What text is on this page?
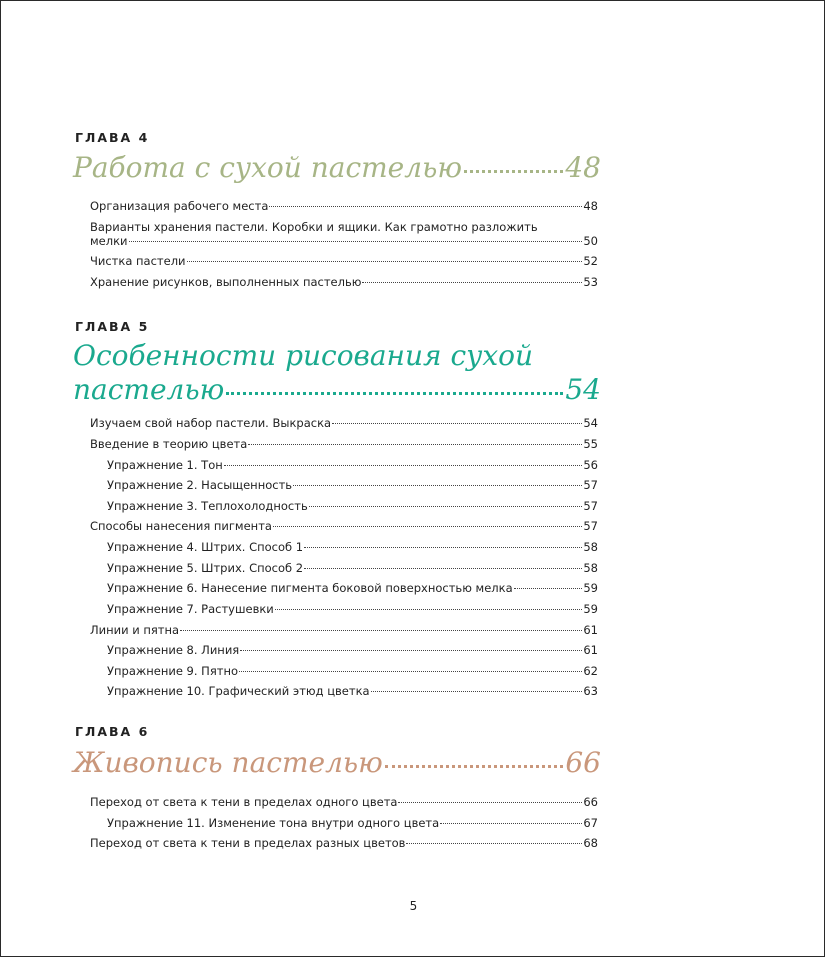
ГЛАВА 4
Работа с сухой пастелью	48
Организация рабочего места	48
Варианты хранения пастели. Коробки и ящики. Как грамотно разложить
мелки	50
Чистка пастели	52
Хранение рисунков, выполненных пастелью	53
ГЛАВА 5
Особенности рисования сухой
пастелью	54
Изучаем свой набор пастели. Выкраска	54
Введение в теорию цвета	55
Упражнение 1. Тон	56
Упражнение 2. Насыщенность	57
Упражнение 3. Теплохолодность	57
Способы нанесения пигмента	57
Упражнение 4. Штрих. Способ 1	58
Упражнение 5. Штрих. Способ 2	58
Упражнение 6. Нанесение пигмента боковой поверхностью мелка	59
Упражнение 7. Растушевки	59
Линии и пятна	61
Упражнение 8. Линия	61
Упражнение 9. Пятно	62
Упражнение 10. Графический этюд цветка	63
ГЛАВА 6
Живопись пастелью	66
Переход от света к тени в пределах одного цвета	66
Упражнение 11. Изменение тона внутри одного цвета	67
Переход от света к тени в пределах разных цветов	68
5
